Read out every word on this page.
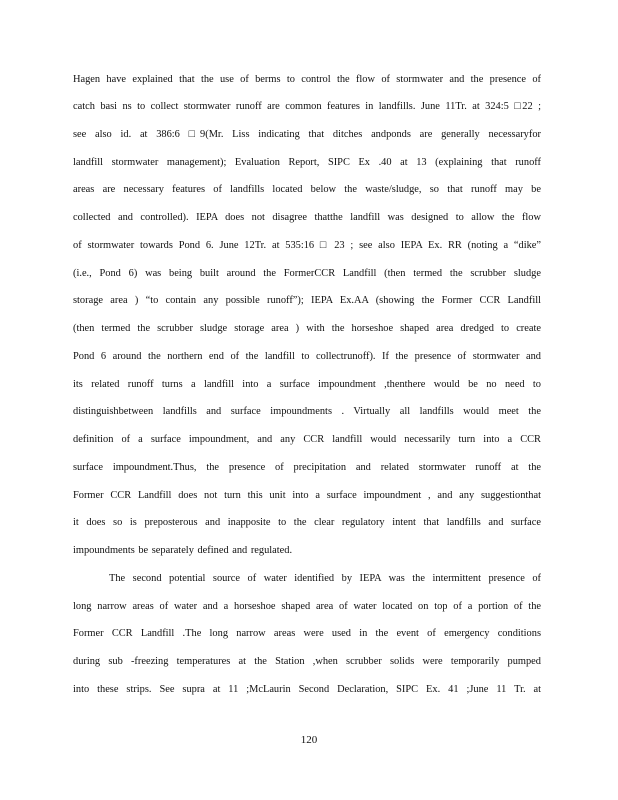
Hagen have explained that the use of berms to control the flow of stormwater and the presence of
catch basi ns to collect stormwater runoff are common features in landfills. June 11Tr. at 324:5 □22 ;
see also id. at 386:6 □9(Mr. Liss indicating that ditches andponds are generally necessaryfor
landfill stormwater management); Evaluation Report, SIPC Ex .40 at 13 (explaining that runoff
areas are necessary features of landfills located below the waste/sludge, so that runoff may be
collected and controlled). IEPA does not disagree thatthe landfill was designed to allow the flow
of stormwater towards Pond 6. June 12Tr. at 535:16 □ 23 ; see also IEPA Ex. RR (noting a “dike”
(i.e., Pond 6) was being built around the FormerCCR Landfill (then termed the scrubber sludge
storage area ) “to contain any possible runoff”); IEPA Ex.AA (showing the Former CCR Landfill
(then termed the scrubber sludge storage area ) with the horseshoe shaped area dredged to create
Pond 6 around the northern end of the landfill to collectrunoff). If the presence of stormwater and
its related runoff turns a landfill into a surface impoundment ,thenthere would be no need to
distinguishbetween landfills and surface impoundments . Virtually all landfills would meet the
definition of a surface impoundment, and any CCR landfill would necessarily turn into a CCR
surface impoundment.Thus, the presence of precipitation and related stormwater runoff at the
Former CCR Landfill does not turn this unit into a surface impoundment , and any suggestionthat
it does so is preposterous and inapposite to the clear regulatory intent that landfills and surface
impoundments be separately defined and regulated.
The second potential source of water identified by IEPA was the intermittent presence of
long narrow areas of water and a horseshoe shaped area of water located on top of a portion of the
Former CCR Landfill .The long narrow areas were used in the event of emergency conditions
during sub -freezing temperatures at the Station ,when scrubber solids were temporarily pumped
into these strips. See supra at 11 ;McLaurin Second Declaration, SIPC Ex. 41 ;June 11 Tr. at
120
